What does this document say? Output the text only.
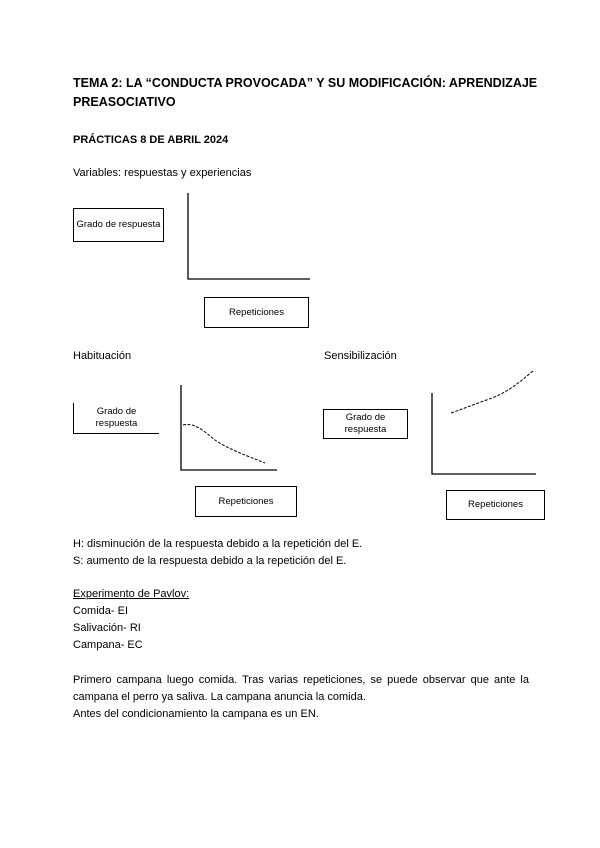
TEMA 2: LA “CONDUCTA PROVOCADA” Y SU MODIFICACIÓN: APRENDIZAJE PREASOCIATIVO
PRÁCTICAS 8 DE ABRIL 2024
Variables: respuestas y experiencias
Grado de respuesta
Repeticiones
Habituación
Grado de respuesta
Repeticiones
Sensibilización
Grado de respuesta
Repeticiones
H: disminución de la respuesta debido a la repetición del E.
S: aumento de la respuesta debido a la repetición del E.
Experimento de Pavlov:
Comida- EI
Salivación- RI
Campana- EC
Primero campana luego comida. Tras varias repeticiones, se puede observar que ante la campana el perro ya saliva. La campana anuncia la comida.
Antes del condicionamiento la campana es un EN.
